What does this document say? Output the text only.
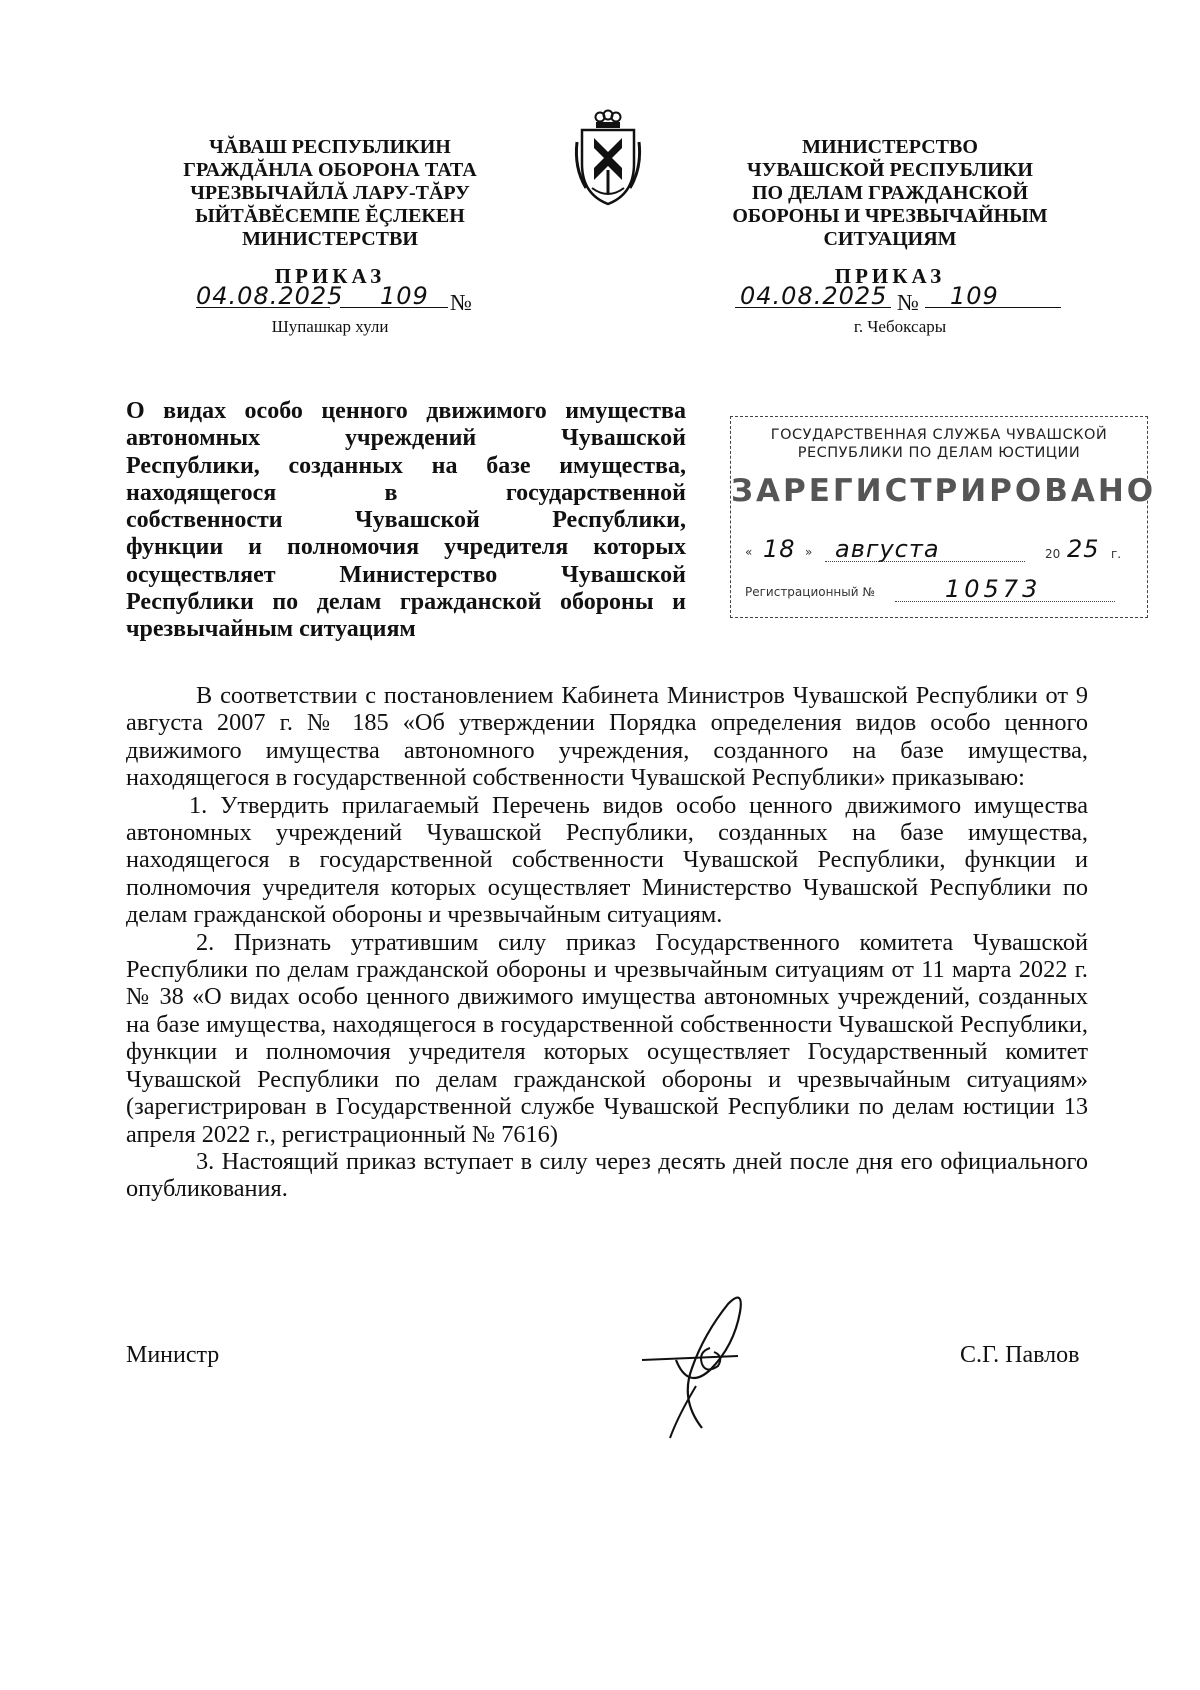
ЧĂВАШ РЕСПУБЛИКИН
ГРАЖДĂНЛА ОБОРОНА ТАТА
ЧРЕЗВЫЧАЙЛĂ ЛАРУ-ТĂРУ
ЫЙТĂВĔСЕМПЕ ĔÇЛЕКЕН
МИНИСТЕРСТВИ
ПРИКАЗ
04.08.2025 109 №
Шупашкар хули
МИНИСТЕРСТВО
ЧУВАШСКОЙ РЕСПУБЛИКИ
ПО ДЕЛАМ ГРАЖДАНСКОЙ
ОБОРОНЫ И ЧРЕЗВЫЧАЙНЫМ
СИТУАЦИЯМ
ПРИКАЗ
04.08.2025 № 109
г. Чебоксары
О видах особо ценного движимого имущества
автономных учреждений Чувашской
Республики, созданных на базе имущества,
находящегося в государственной
собственности Чувашской Республики,
функции и полномочия учредителя которых
осуществляет Министерство Чувашской
Республики по делам гражданской обороны и
чрезвычайным ситуациям
ГОСУДАРСТВЕННАЯ СЛУЖБА ЧУВАШСКОЙ
РЕСПУБЛИКИ ПО ДЕЛАМ ЮСТИЦИИ
ЗАРЕГИСТРИРОВАНО
« 18 » августа	20 25 г.
Регистрационный №	10573

В соответствии с постановлением Кабинета Министров Чувашской Республики от 9 августа 2007 г. № 185 «Об утверждении Порядка определения видов особо ценного движимого имущества автономного учреждения, созданного на базе имущества, находящегося в государственной собственности Чувашской Республики» приказываю:

1. Утвердить прилагаемый Перечень видов особо ценного движимого имущества автономных учреждений Чувашской Республики, созданных на базе имущества, находящегося в государственной собственности Чувашской Республики, функции и полномочия учредителя которых осуществляет Министерство Чувашской Республики по делам гражданской обороны и чрезвычайным ситуациям.

2. Признать утратившим силу приказ Государственного комитета Чувашской Республики по делам гражданской обороны и чрезвычайным ситуациям от 11 марта 2022 г. № 38 «О видах особо ценного движимого имущества автономных учреждений, созданных на базе имущества, находящегося в государственной собственности Чувашской Республики, функции и полномочия учредителя которых осуществляет Государственный комитет Чувашской Республики по делам гражданской обороны и чрезвычайным ситуациям» (зарегистрирован в Государственной службе Чувашской Республики по делам юстиции 13 апреля 2022 г., регистрационный № 7616)

3. Настоящий приказ вступает в силу через десять дней после дня его официального опубликования.

Министр	С.Г. Павлов
